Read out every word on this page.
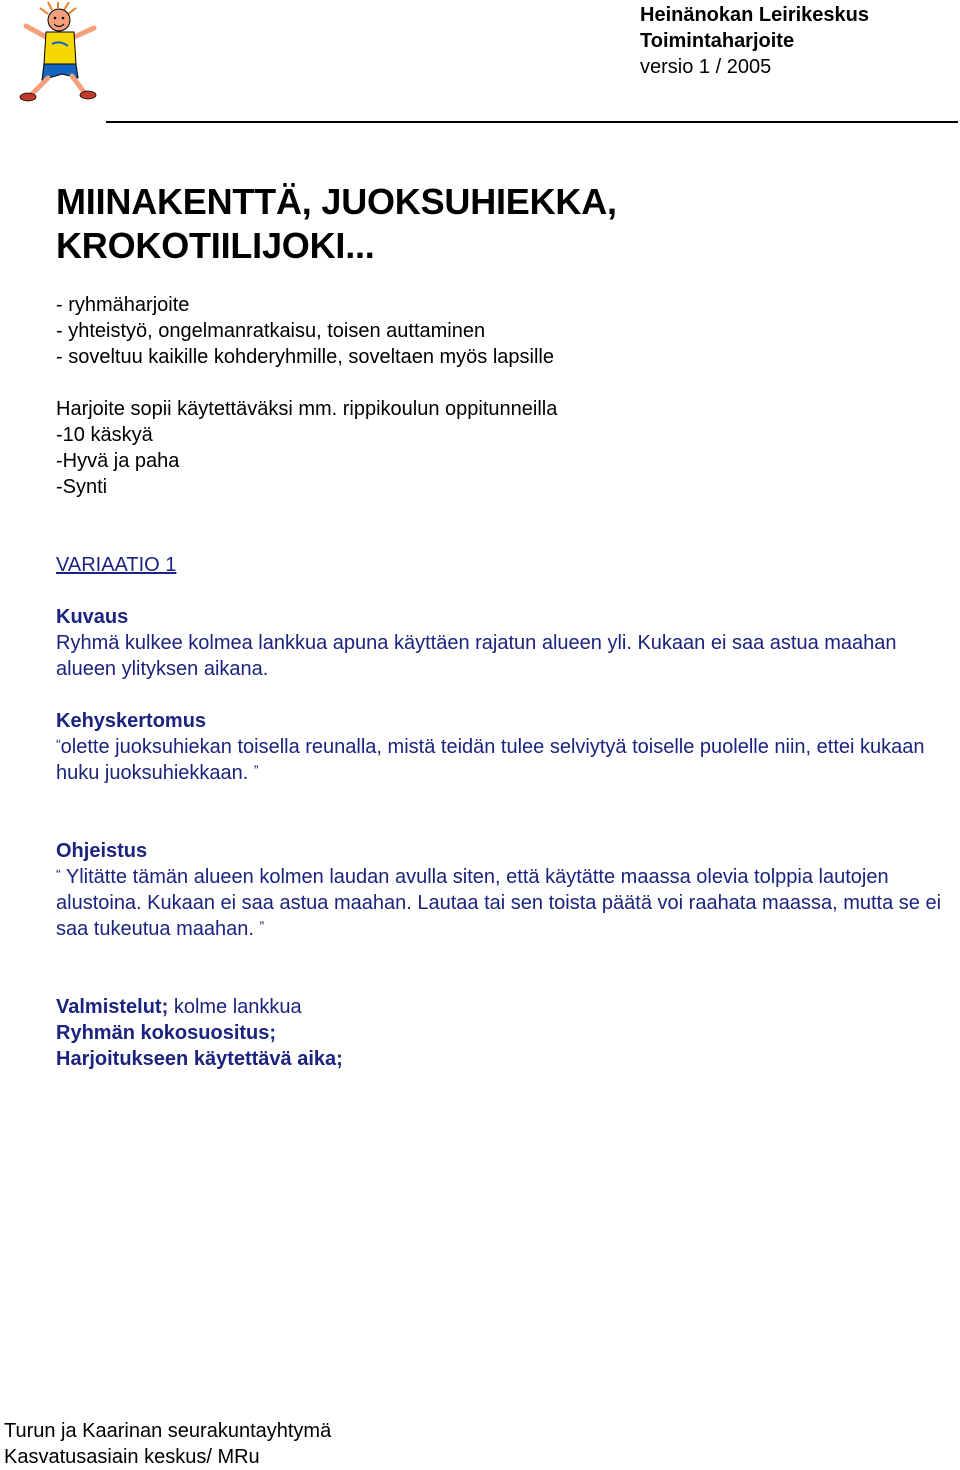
Heinänokan Leirikeskus
Toimintaharjoite
versio 1 / 2005
MIINAKENTTÄ, JUOKSUHIEKKA,
KROKOTIILIJOKI...

- ryhmäharjoite

- yhteistyö, ongelmanratkaisu, toisen auttaminen

- soveltuu kaikille kohderyhmille, soveltaen myös lapsille

Harjoite sopii käytettäväksi mm. rippikoulun oppitunneilla

-10 käskyä

-Hyvä ja paha

-Synti

VARIAATIO 1

Kuvaus

Ryhmä kulkee kolmea lankkua apuna käyttäen rajatun alueen yli. Kukaan ei saa astua maahan alueen ylityksen aikana.

Kehyskertomus

“olette juoksuhiekan toisella reunalla, mistä teidän tulee selviytyä toiselle puolelle niin, ettei kukaan huku juoksuhiekkaan. ”

Ohjeistus

“ Ylitätte tämän alueen kolmen laudan avulla siten, että käytätte maassa olevia tolppia lautojen alustoina. Kukaan ei saa astua maahan. Lautaa tai sen toista päätä voi raahata maassa, mutta se ei saa tukeutua maahan. ”

Valmistelut; kolme lankkua

Ryhmän kokosuositus;

Harjoitukseen käytettävä aika;

Turun ja Kaarinan seurakuntayhtymä
Kasvatusasiain keskus/ MRu
